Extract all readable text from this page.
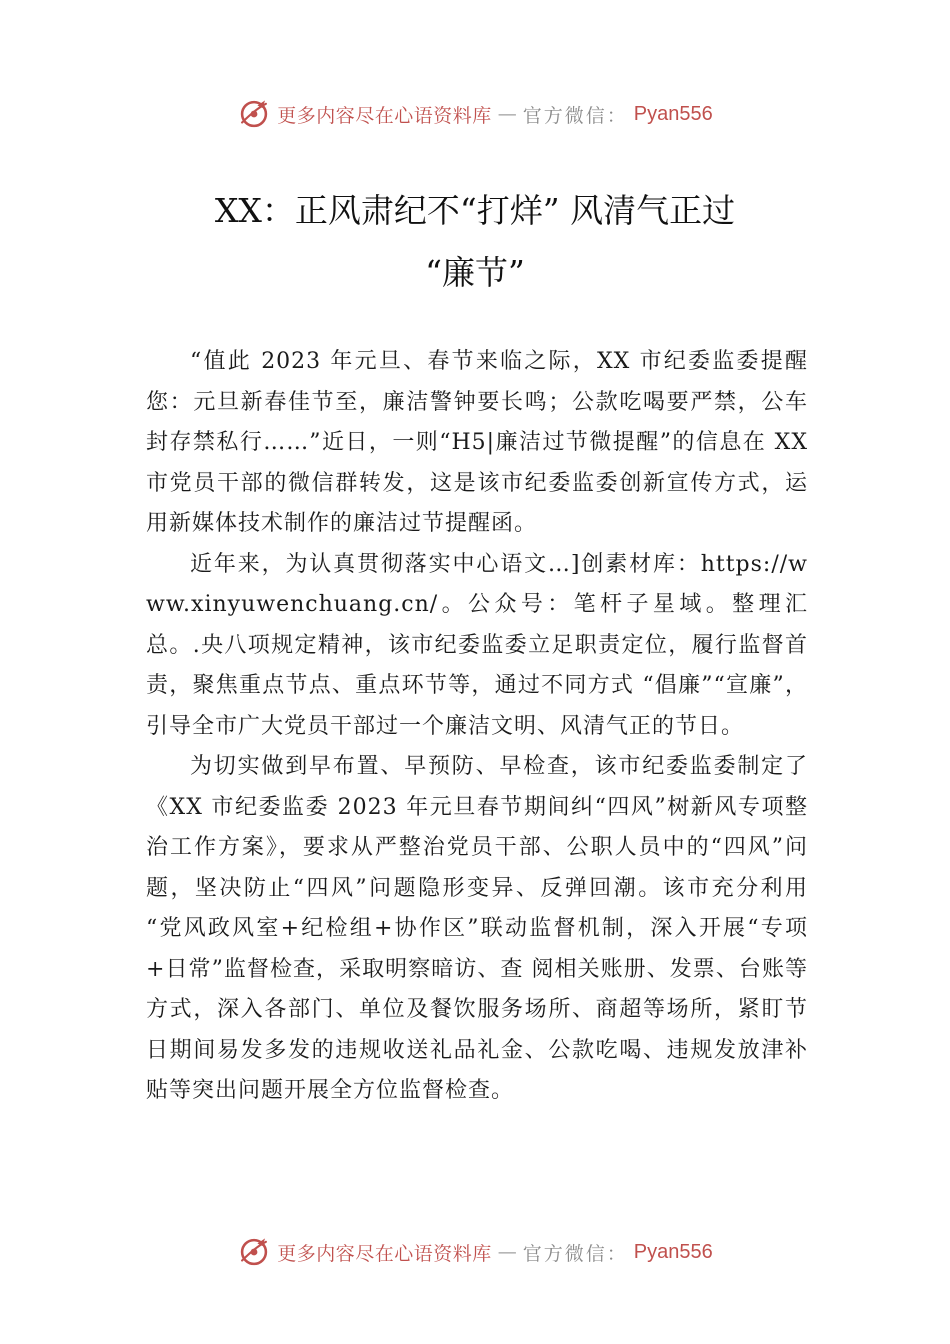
更多内容尽在心语资料库 — 官方微信： Pyan556
XX：正风肃纪不“打烊” 风清气正过
“廉节”

“值此 2023 年元旦、春节来临之际，XX 市纪委监委提醒您：元旦新春佳节至，廉洁警钟要长鸣；公款吃喝要严禁，公车封存禁私行……”近日，一则“H5|廉洁过节微提醒”的信息在 XX 市党员干部的微信群转发，这是该市纪委监委创新宣传方式，运用新媒体技术制作的廉洁过节提醒函。

近年来，为认真贯彻落实中心语文…]创素材库：https://www.xinyuwenchuang.cn/。公众号：笔杆子星域。整理汇总。.央八项规定精神，该市纪委监委立足职责定位，履行监督首责，聚焦重点节点、重点环节等，通过不同方式 “倡廉”“宣廉”，引导全市广大党员干部过一个廉洁文明、风清气正的节日。

为切实做到早布置、早预防、早检查，该市纪委监委制定了《XX 市纪委监委 2023 年元旦春节期间纠“四风”树新风专项整治工作方案》，要求从严整治党员干部、公职人员中的“四风”问题，坚决防止“四风”问题隐形变异、反弹回潮。该市充分利用 “党风政风室+纪检组+协作区”联动监督机制，深入开展“专项+日常”监督检查，采取明察暗访、查 阅相关账册、发票、台账等方式，深入各部门、单位及餐饮服务场所、商超等场所，紧盯节日期间易发多发的违规收送礼品礼金、公款吃喝、违规发放津补贴等突出问题开展全方位监督检查。

更多内容尽在心语资料库 — 官方微信： Pyan556
